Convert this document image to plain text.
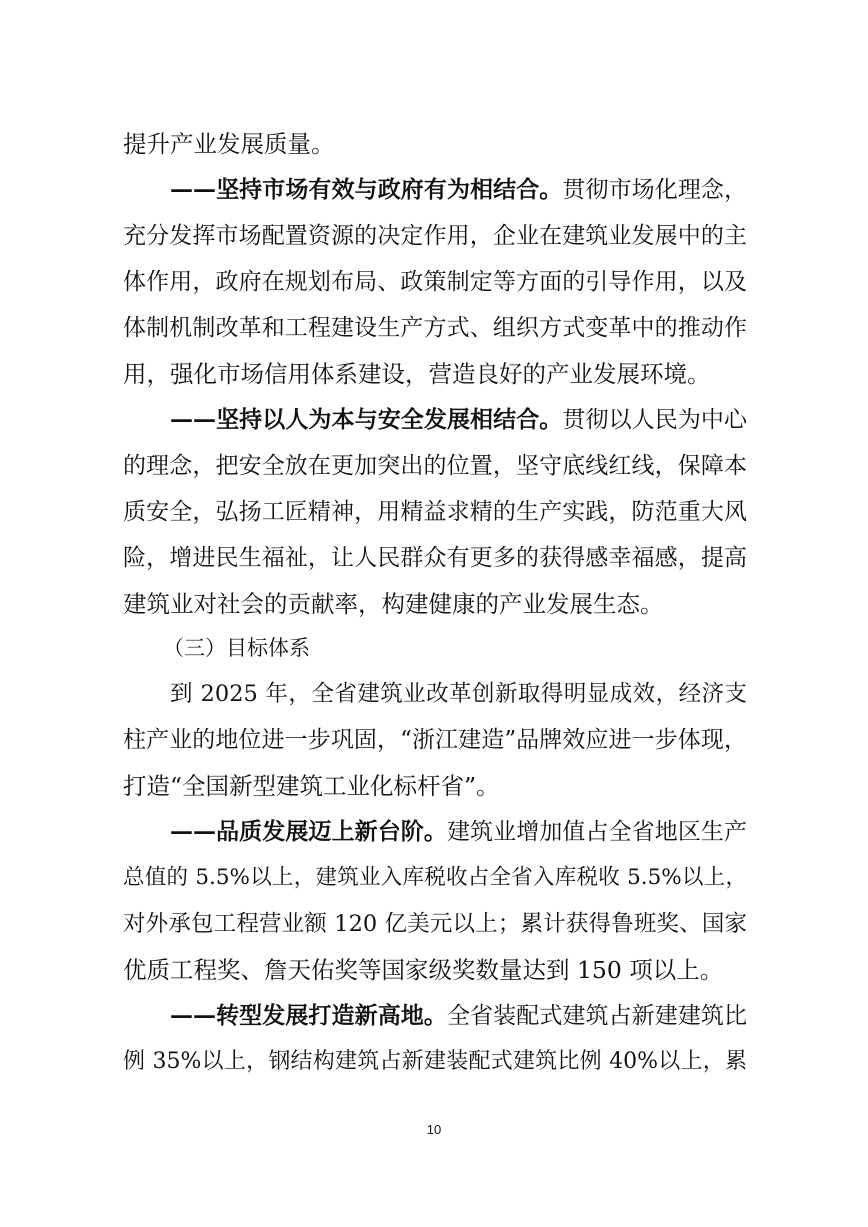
提升产业发展质量。
——坚持市场有效与政府有为相结合。贯彻市场化理念，
充分发挥市场配置资源的决定作用，企业在建筑业发展中的主
体作用，政府在规划布局、政策制定等方面的引导作用，以及
体制机制改革和工程建设生产方式、组织方式变革中的推动作
用，强化市场信用体系建设，营造良好的产业发展环境。
——坚持以人为本与安全发展相结合。贯彻以人民为中心
的理念，把安全放在更加突出的位置，坚守底线红线，保障本
质安全，弘扬工匠精神，用精益求精的生产实践，防范重大风
险，增进民生福祉，让人民群众有更多的获得感幸福感，提高
建筑业对社会的贡献率，构建健康的产业发展生态。
（三）目标体系
到 2025 年，全省建筑业改革创新取得明显成效，经济支
柱产业的地位进一步巩固，“浙江建造”品牌效应进一步体现，
打造“全国新型建筑工业化标杆省”。
——品质发展迈上新台阶。建筑业增加值占全省地区生产
总值的 5.5%以上，建筑业入库税收占全省入库税收 5.5%以上，
对外承包工程营业额 120 亿美元以上；累计获得鲁班奖、国家
优质工程奖、詹天佑奖等国家级奖数量达到 150 项以上。
——转型发展打造新高地。全省装配式建筑占新建建筑比
例 35%以上，钢结构建筑占新建装配式建筑比例 40%以上，累
10
